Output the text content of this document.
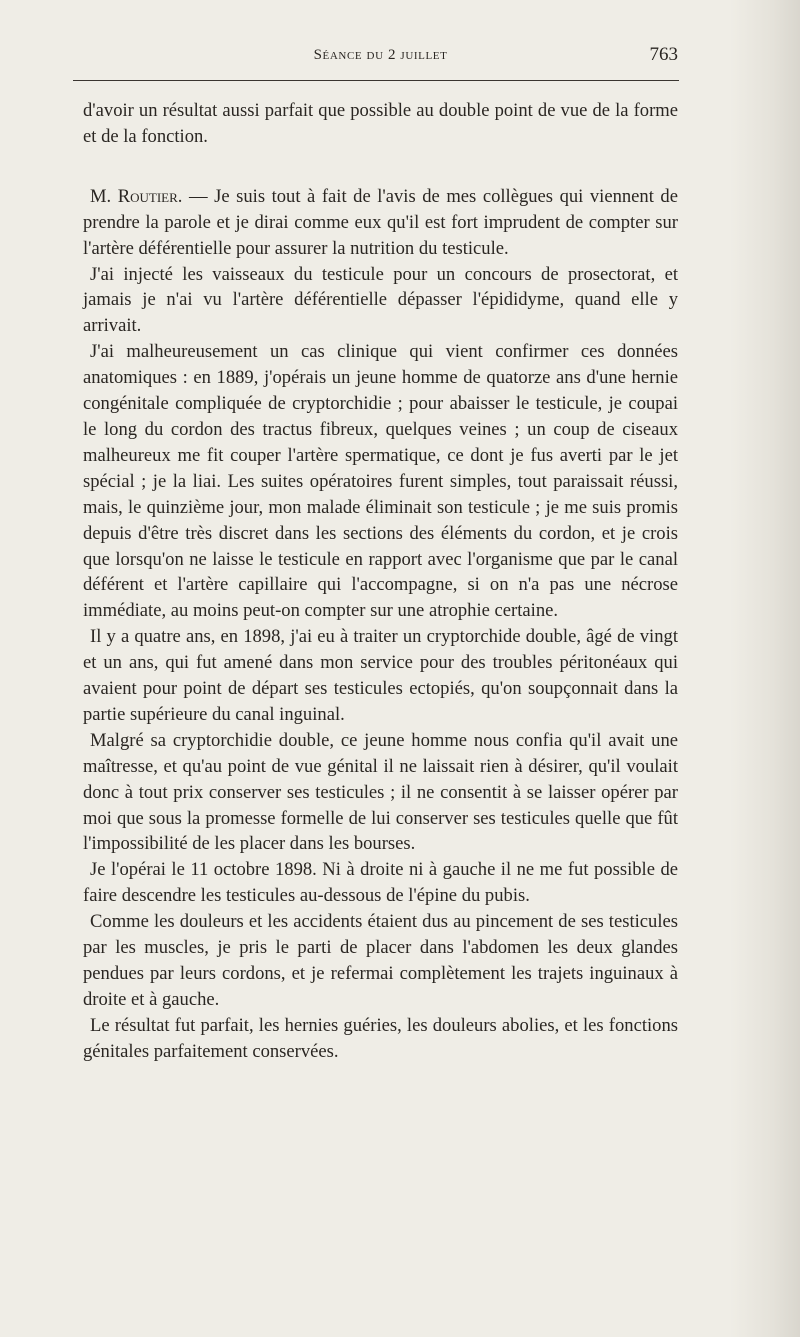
Séance du 2 juillet	763

d'avoir un résultat aussi parfait que possible au double point de vue de la forme et de la fonction.

M. Routier. — Je suis tout à fait de l'avis de mes collègues qui viennent de prendre la parole et je dirai comme eux qu'il est fort imprudent de compter sur l'artère déférentielle pour assurer la nutrition du testicule.

J'ai injecté les vaisseaux du testicule pour un concours de prosectorat, et jamais je n'ai vu l'artère déférentielle dépasser l'épididyme, quand elle y arrivait.

J'ai malheureusement un cas clinique qui vient confirmer ces données anatomiques : en 1889, j'opérais un jeune homme de quatorze ans d'une hernie congénitale compliquée de cryptorchidie ; pour abaisser le testicule, je coupai le long du cordon des tractus fibreux, quelques veines ; un coup de ciseaux malheureux me fit couper l'artère spermatique, ce dont je fus averti par le jet spécial ; je la liai. Les suites opératoires furent simples, tout paraissait réussi, mais, le quinzième jour, mon malade éliminait son testicule ; je me suis promis depuis d'être très discret dans les sections des éléments du cordon, et je crois que lorsqu'on ne laisse le testicule en rapport avec l'organisme que par le canal déférent et l'artère capillaire qui l'accompagne, si on n'a pas une nécrose immédiate, au moins peut-on compter sur une atrophie certaine.

Il y a quatre ans, en 1898, j'ai eu à traiter un cryptorchide double, âgé de vingt et un ans, qui fut amené dans mon service pour des troubles péritonéaux qui avaient pour point de départ ses testicules ectopiés, qu'on soupçonnait dans la partie supérieure du canal inguinal.

Malgré sa cryptorchidie double, ce jeune homme nous confia qu'il avait une maîtresse, et qu'au point de vue génital il ne laissait rien à désirer, qu'il voulait donc à tout prix conserver ses testicules ; il ne consentit à se laisser opérer par moi que sous la promesse formelle de lui conserver ses testicules quelle que fût l'impossibilité de les placer dans les bourses.

Je l'opérai le 11 octobre 1898. Ni à droite ni à gauche il ne me fut possible de faire descendre les testicules au-dessous de l'épine du pubis.

Comme les douleurs et les accidents étaient dus au pincement de ses testicules par les muscles, je pris le parti de placer dans l'abdomen les deux glandes pendues par leurs cordons, et je refermai complètement les trajets inguinaux à droite et à gauche.

Le résultat fut parfait, les hernies guéries, les douleurs abolies, et les fonctions génitales parfaitement conservées.
